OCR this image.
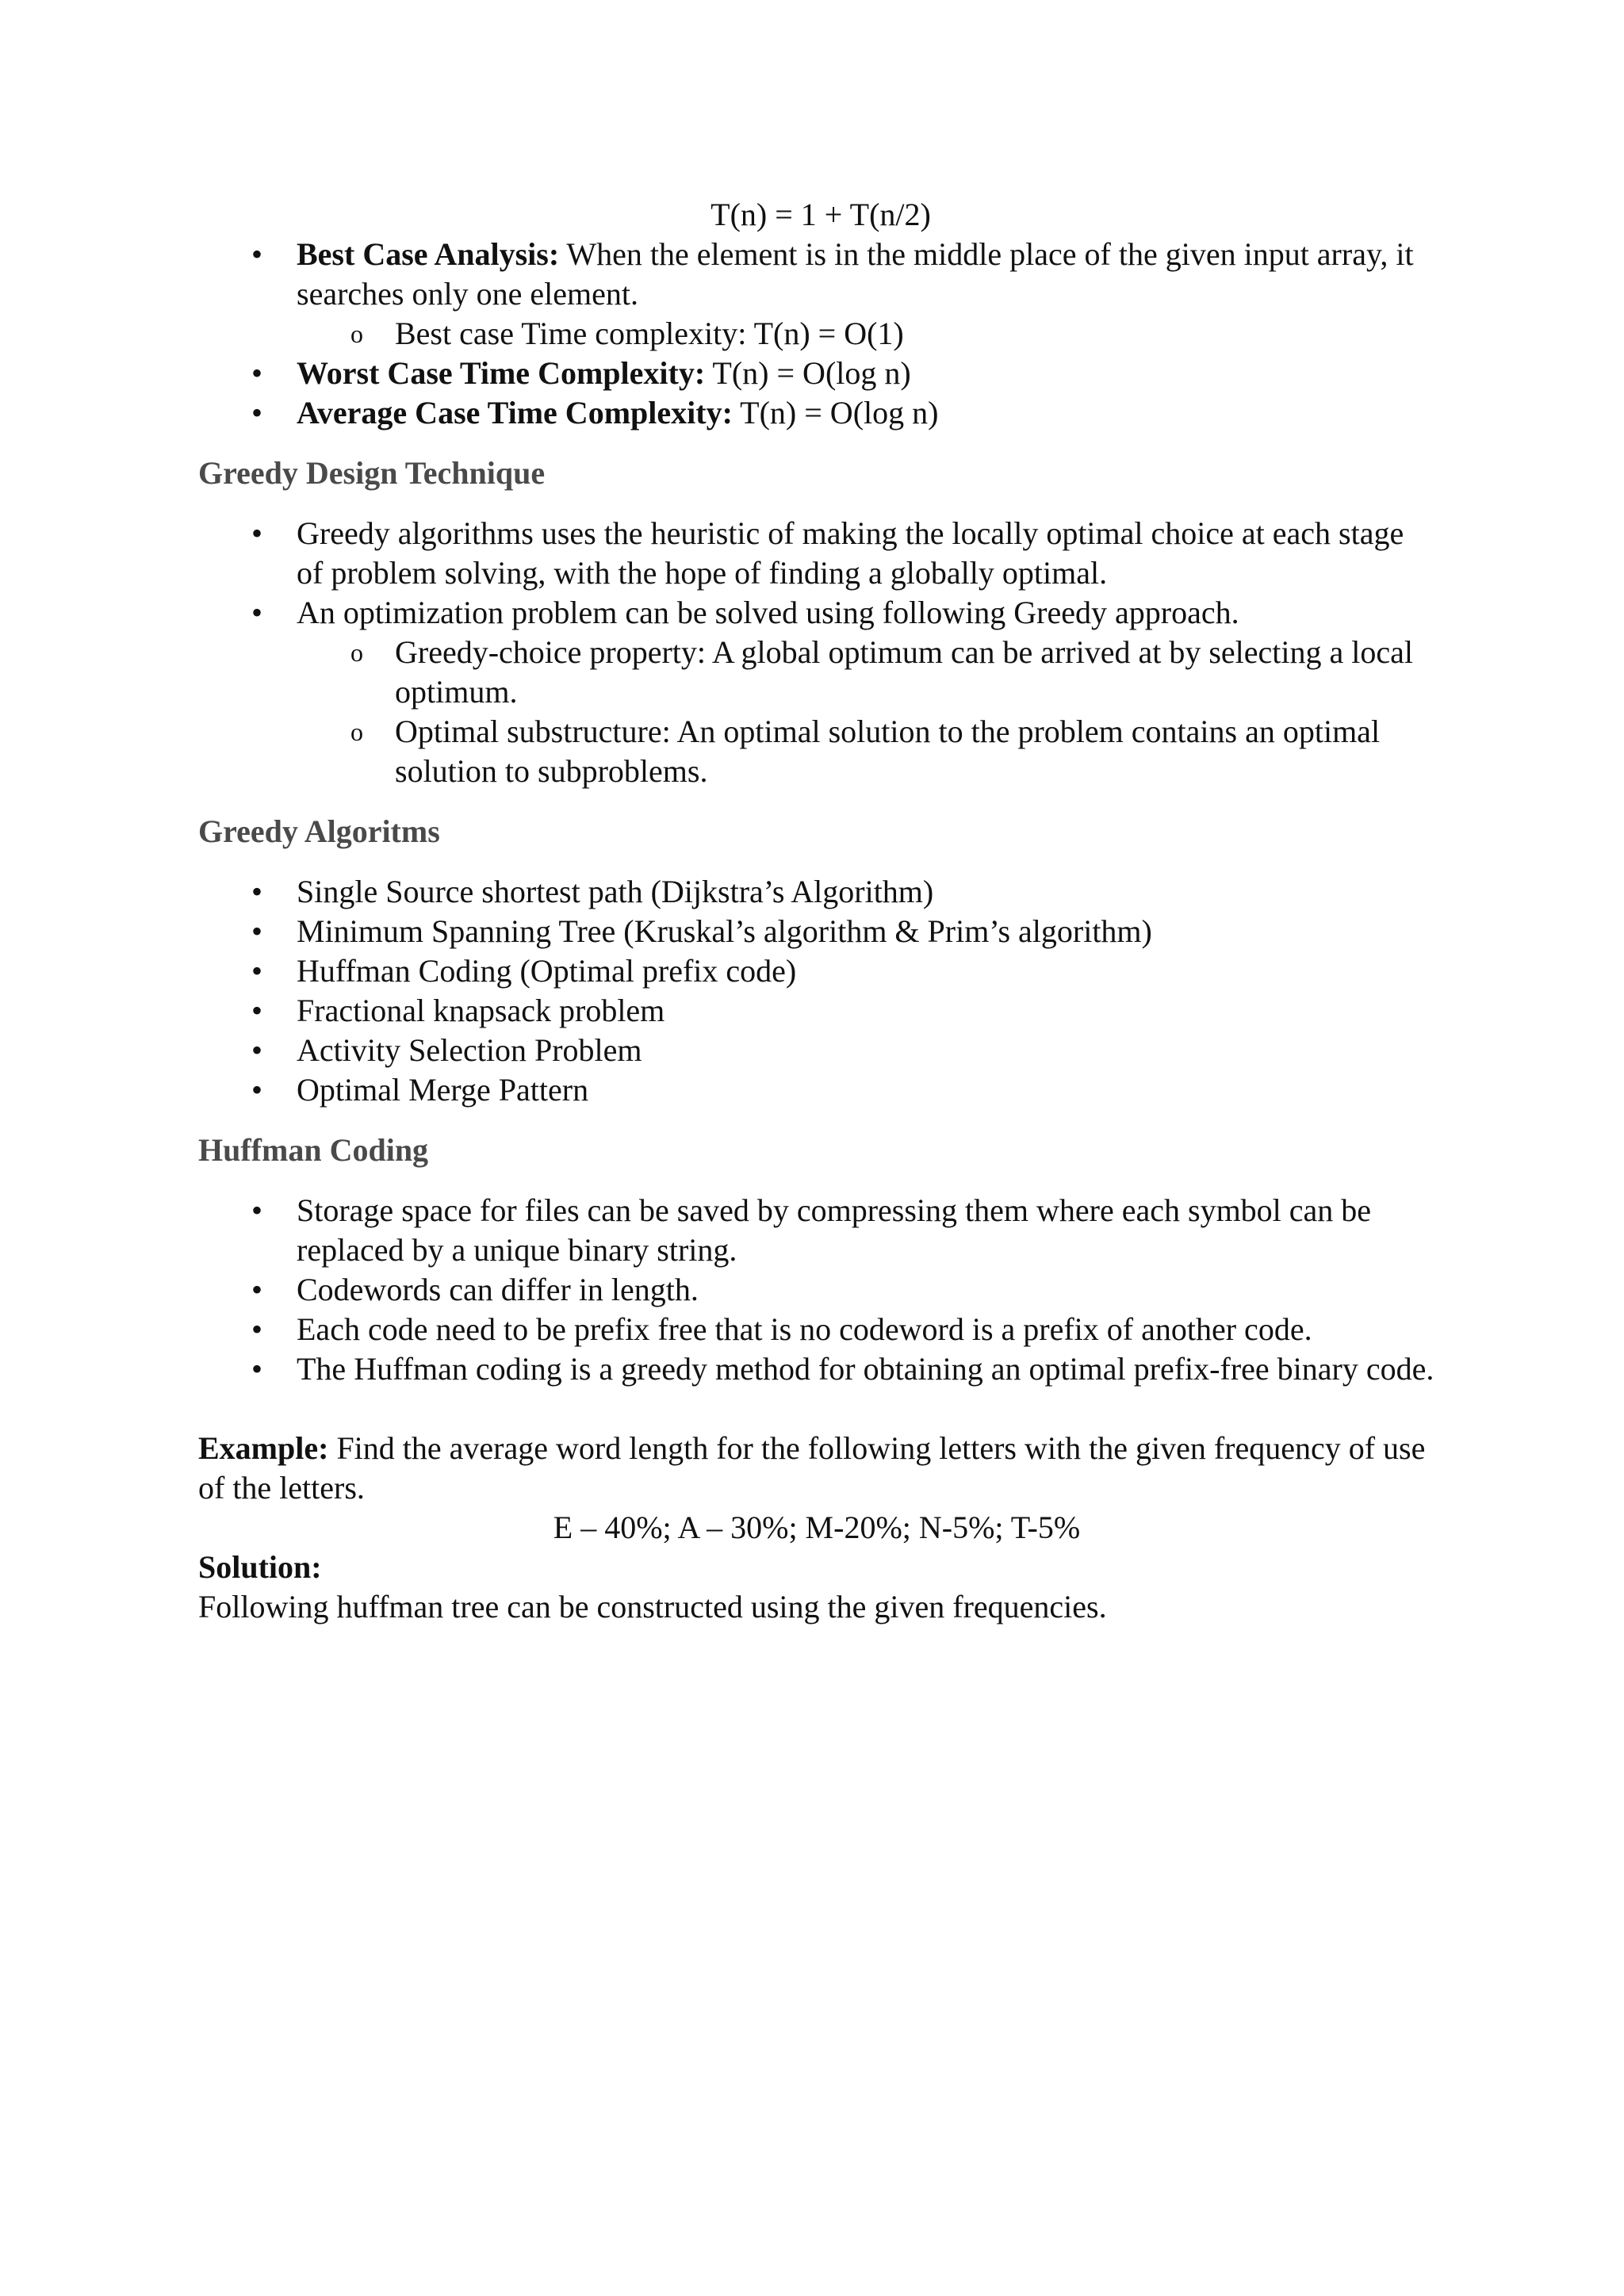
T(n) = 1 + T(n/2)

• Best Case Analysis: When the element is in the middle place of the given input array, it searches only one element.
o Best case Time complexity: T(n) = O(1)
• Worst Case Time Complexity: T(n) = O(log n)
• Average Case Time Complexity: T(n) = O(log n)

Greedy Design Technique

• Greedy algorithms uses the heuristic of making the locally optimal choice at each stage of problem solving, with the hope of finding a globally optimal.
• An optimization problem can be solved using following Greedy approach.
o Greedy-choice property: A global optimum can be arrived at by selecting a local optimum.
o Optimal substructure: An optimal solution to the problem contains an optimal solution to subproblems.

Greedy Algoritms

• Single Source shortest path (Dijkstra’s Algorithm)
• Minimum Spanning Tree (Kruskal’s algorithm & Prim’s algorithm)
• Huffman Coding (Optimal prefix code)
• Fractional knapsack problem
• Activity Selection Problem
• Optimal Merge Pattern

Huffman Coding

• Storage space for files can be saved by compressing them where each symbol can be replaced by a unique binary string.
• Codewords can differ in length.
• Each code need to be prefix free that is no codeword is a prefix of another code.
• The Huffman coding is a greedy method for obtaining an optimal prefix-free binary code.

Example: Find the average word length for the following letters with the given frequency of use of the letters.

E – 40%; A – 30%; M-20%; N-5%; T-5%

Solution:

Following huffman tree can be constructed using the given frequencies.
